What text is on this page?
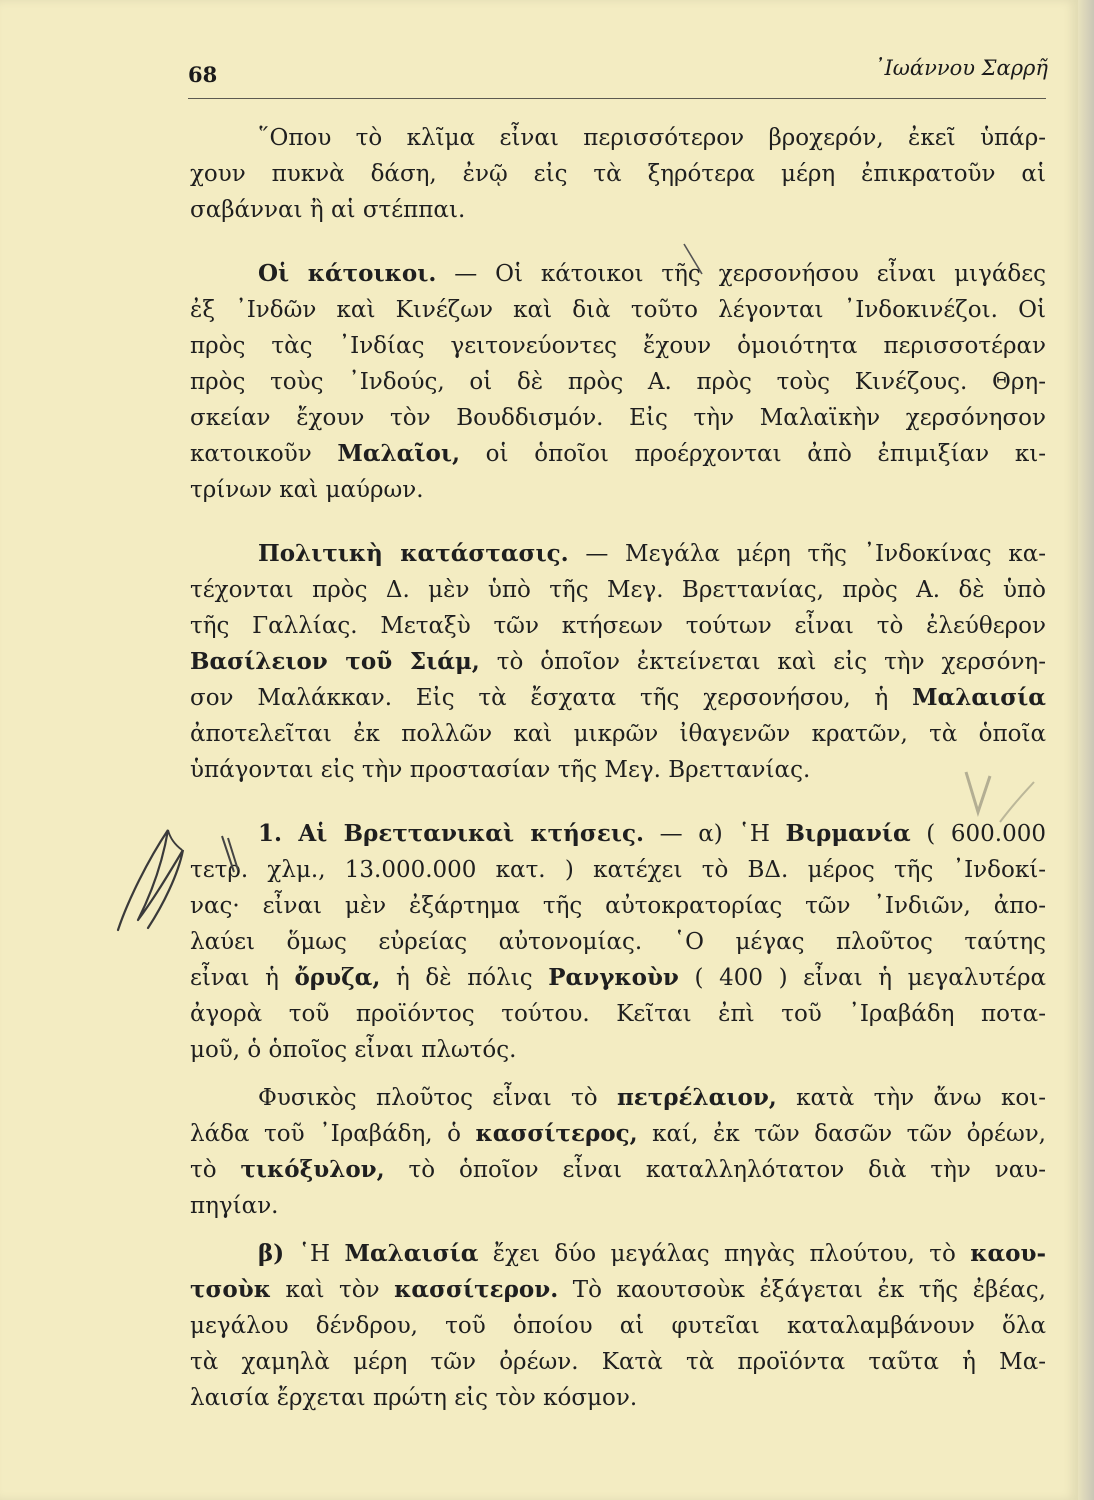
68	᾿Ιωάννου Σαρρῆ
῞Οπου τὸ κλῖμα εἶναι περισσότερον βροχερόν, ἐκεῖ ὑπάρ-
χουν πυκνὰ δάση, ἐνῷ εἰς τὰ ξηρότερα μέρη ἐπικρατοῦν αἱ
σαβάνναι ἢ αἱ στέππαι.
Οἱ κάτοικοι. — Οἱ κάτοικοι τῆς χερσονήσου εἶναι μιγάδες
ἐξ ᾿Ινδῶν καὶ Κινέζων καὶ διὰ τοῦτο λέγονται ᾿Ινδοκινέζοι. Οἱ
πρὸς τὰς ᾿Ινδίας γειτονεύοντες ἔχουν ὁμοιότητα περισσοτέραν
πρὸς τοὺς ᾿Ινδούς, οἱ δὲ πρὸς Α. πρὸς τοὺς Κινέζους. Θρη-
σκείαν ἔχουν τὸν Βουδδισμόν. Εἰς τὴν Μαλαϊκὴν χερσόνησον
κατοικοῦν Μαλαῖοι, οἱ ὁποῖοι προέρχονται ἀπὸ ἐπιμιξίαν κι-
τρίνων καὶ μαύρων.
Πολιτικὴ κατάστασις. — Μεγάλα μέρη τῆς ᾿Ινδοκίνας κα-
τέχονται πρὸς Δ. μὲν ὑπὸ τῆς Μεγ. Βρεττανίας, πρὸς Α. δὲ ὑπὸ
τῆς Γαλλίας. Μεταξὺ τῶν κτήσεων τούτων εἶναι τὸ ἐλεύθερον
Βασίλειον τοῦ Σιάμ, τὸ ὁποῖον ἐκτείνεται καὶ εἰς τὴν χερσόνη-
σον Μαλάκκαν. Εἰς τὰ ἔσχατα τῆς χερσονήσου, ἡ Μαλαισία
ἀποτελεῖται ἐκ πολλῶν καὶ μικρῶν ἰθαγενῶν κρατῶν, τὰ ὁποῖα
ὑπάγονται εἰς τὴν προστασίαν τῆς Μεγ. Βρεττανίας.
1. Αἱ Βρεττανικαὶ κτήσεις. — α) ῾Η Βιρμανία ( 600.000
τετρ. χλμ., 13.000.000 κατ. ) κατέχει τὸ ΒΔ. μέρος τῆς ᾿Ινδοκί-
νας· εἶναι μὲν ἐξάρτημα τῆς αὐτοκρατορίας τῶν ᾿Ινδιῶν, ἀπο-
λαύει ὅμως εὐρείας αὐτονομίας. ῾Ο μέγας πλοῦτος ταύτης
εἶναι ἡ ὄρυζα, ἡ δὲ πόλις Ρανγκοὺν ( 400 ) εἶναι ἡ μεγαλυτέρα
ἀγορὰ τοῦ προϊόντος τούτου. Κεῖται ἐπὶ τοῦ ᾿Ιραβάδη ποτα-
μοῦ, ὁ ὁποῖος εἶναι πλωτός.
Φυσικὸς πλοῦτος εἶναι τὸ πετρέλαιον, κατὰ τὴν ἄνω κοι-
λάδα τοῦ ᾿Ιραβάδη, ὁ κασσίτερος, καί, ἐκ τῶν δασῶν τῶν ὀρέων,
τὸ τικόξυλον, τὸ ὁποῖον εἶναι καταλληλότατον διὰ τὴν ναυ-
πηγίαν.
β) ῾Η Μαλαισία ἔχει δύο μεγάλας πηγὰς πλούτου, τὸ καου-
τσοὺκ καὶ τὸν κασσίτερον. Τὸ καουτσοὺκ ἐξάγεται ἐκ τῆς ἐβέας,
μεγάλου δένδρου, τοῦ ὁποίου αἱ φυτεῖαι καταλαμβάνουν ὅλα
τὰ χαμηλὰ μέρη τῶν ὀρέων. Κατὰ τὰ προϊόντα ταῦτα ἡ Μα-
λαισία ἔρχεται πρώτη εἰς τὸν κόσμον.
